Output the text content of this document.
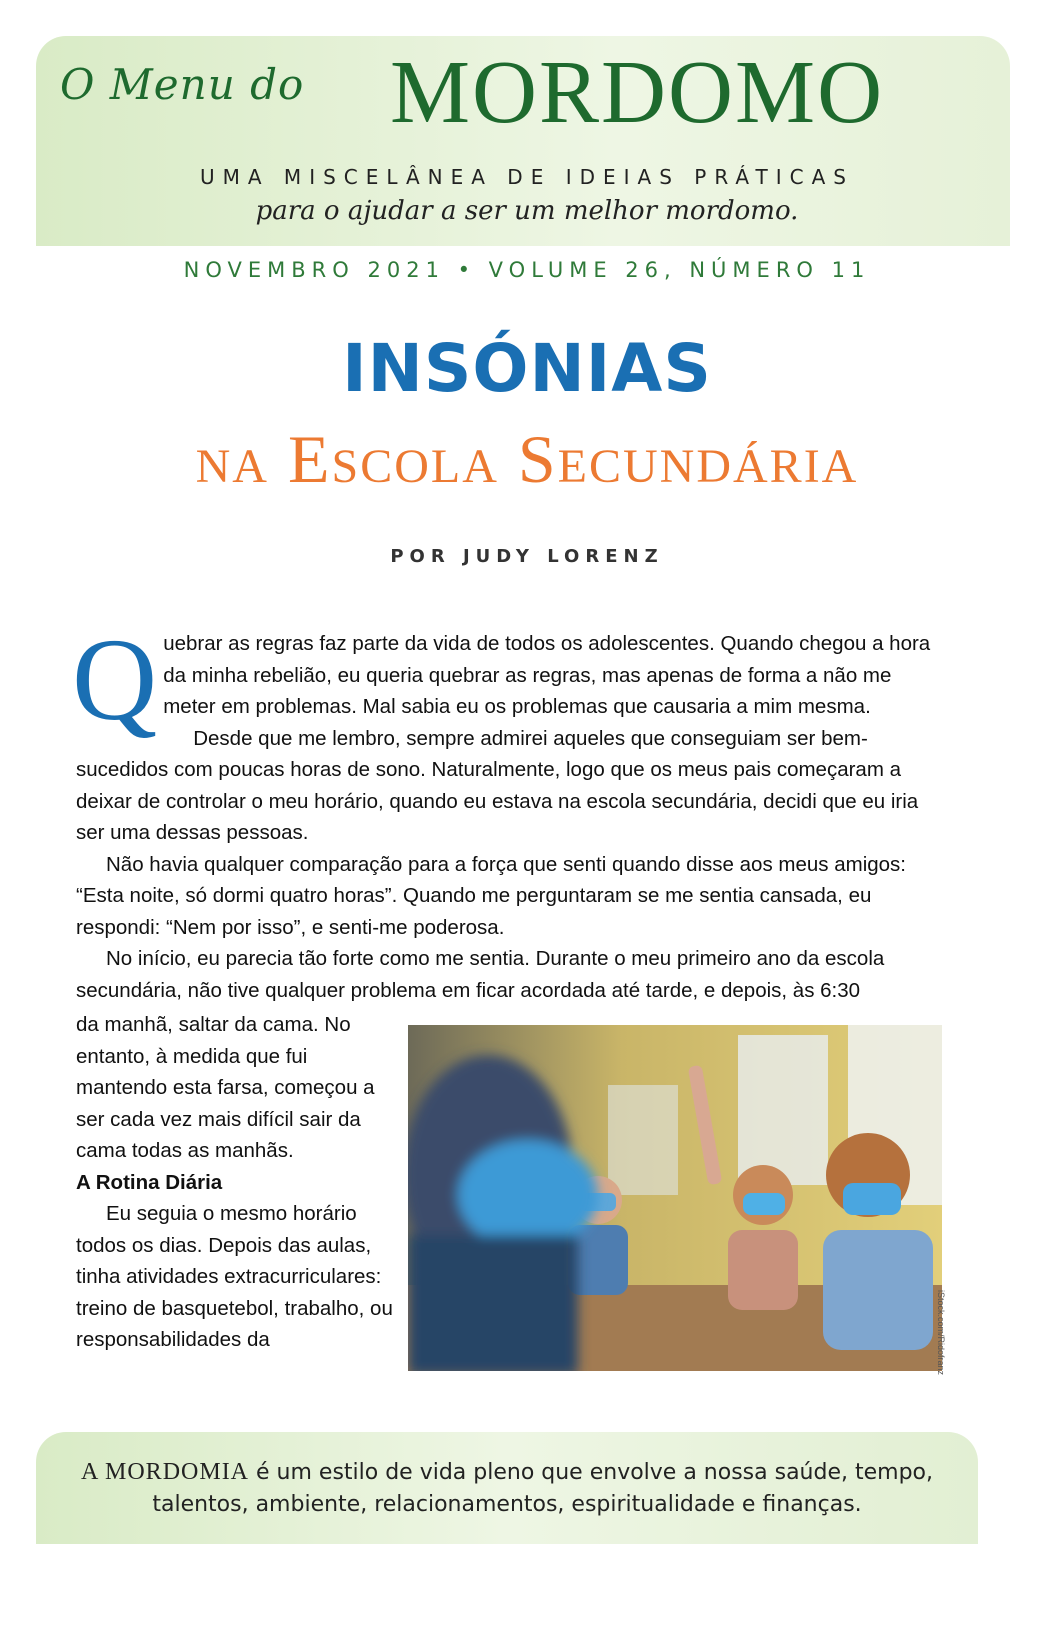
O Menu do MORDOMO
UMA MISCELÂNEA DE IDEIAS PRÁTICAS
para o ajudar a ser um melhor mordomo.
NOVEMBRO 2021 • VOLUME 26, NÚMERO 11
INSÓNIAS
na Escola Secundária
POR JUDY LORENZ

Quebrar as regras faz parte da vida de todos os adolescentes. Quando chegou a hora da minha rebelião, eu queria quebrar as regras, mas apenas de forma a não me meter em problemas. Mal sabia eu os problemas que causaria a mim mesma.

Desde que me lembro, sempre admirei aqueles que conseguiam ser bem-sucedidos com poucas horas de sono. Naturalmente, logo que os meus pais começaram a deixar de controlar o meu horário, quando eu estava na escola secundária, decidi que eu iria ser uma dessas pessoas.

Não havia qualquer comparação para a força que senti quando disse aos meus amigos: “Esta noite, só dormi quatro horas”. Quando me perguntaram se me sentia cansada, eu respondi: “Nem por isso”, e senti-me poderosa.

No início, eu parecia tão forte como me sentia. Durante o meu primeiro ano da escola secundária, não tive qualquer problema em ficar acordada até tarde, e depois, às 6:30

da manhã, saltar da cama. No entanto, à medida que fui mantendo esta farsa, começou a ser cada vez mais difícil sair da cama todas as manhãs.

A Rotina Diária

Eu seguia o mesmo horário todos os dias. Depois das aulas, tinha atividades extracurriculares: treino de basquetebol, trabalho, ou responsabilidades da	iStock.com/Ridofranz
A MORDOMIA é um estilo de vida pleno que envolve a nossa saúde, tempo, talentos, ambiente, relacionamentos, espiritualidade e finanças.
